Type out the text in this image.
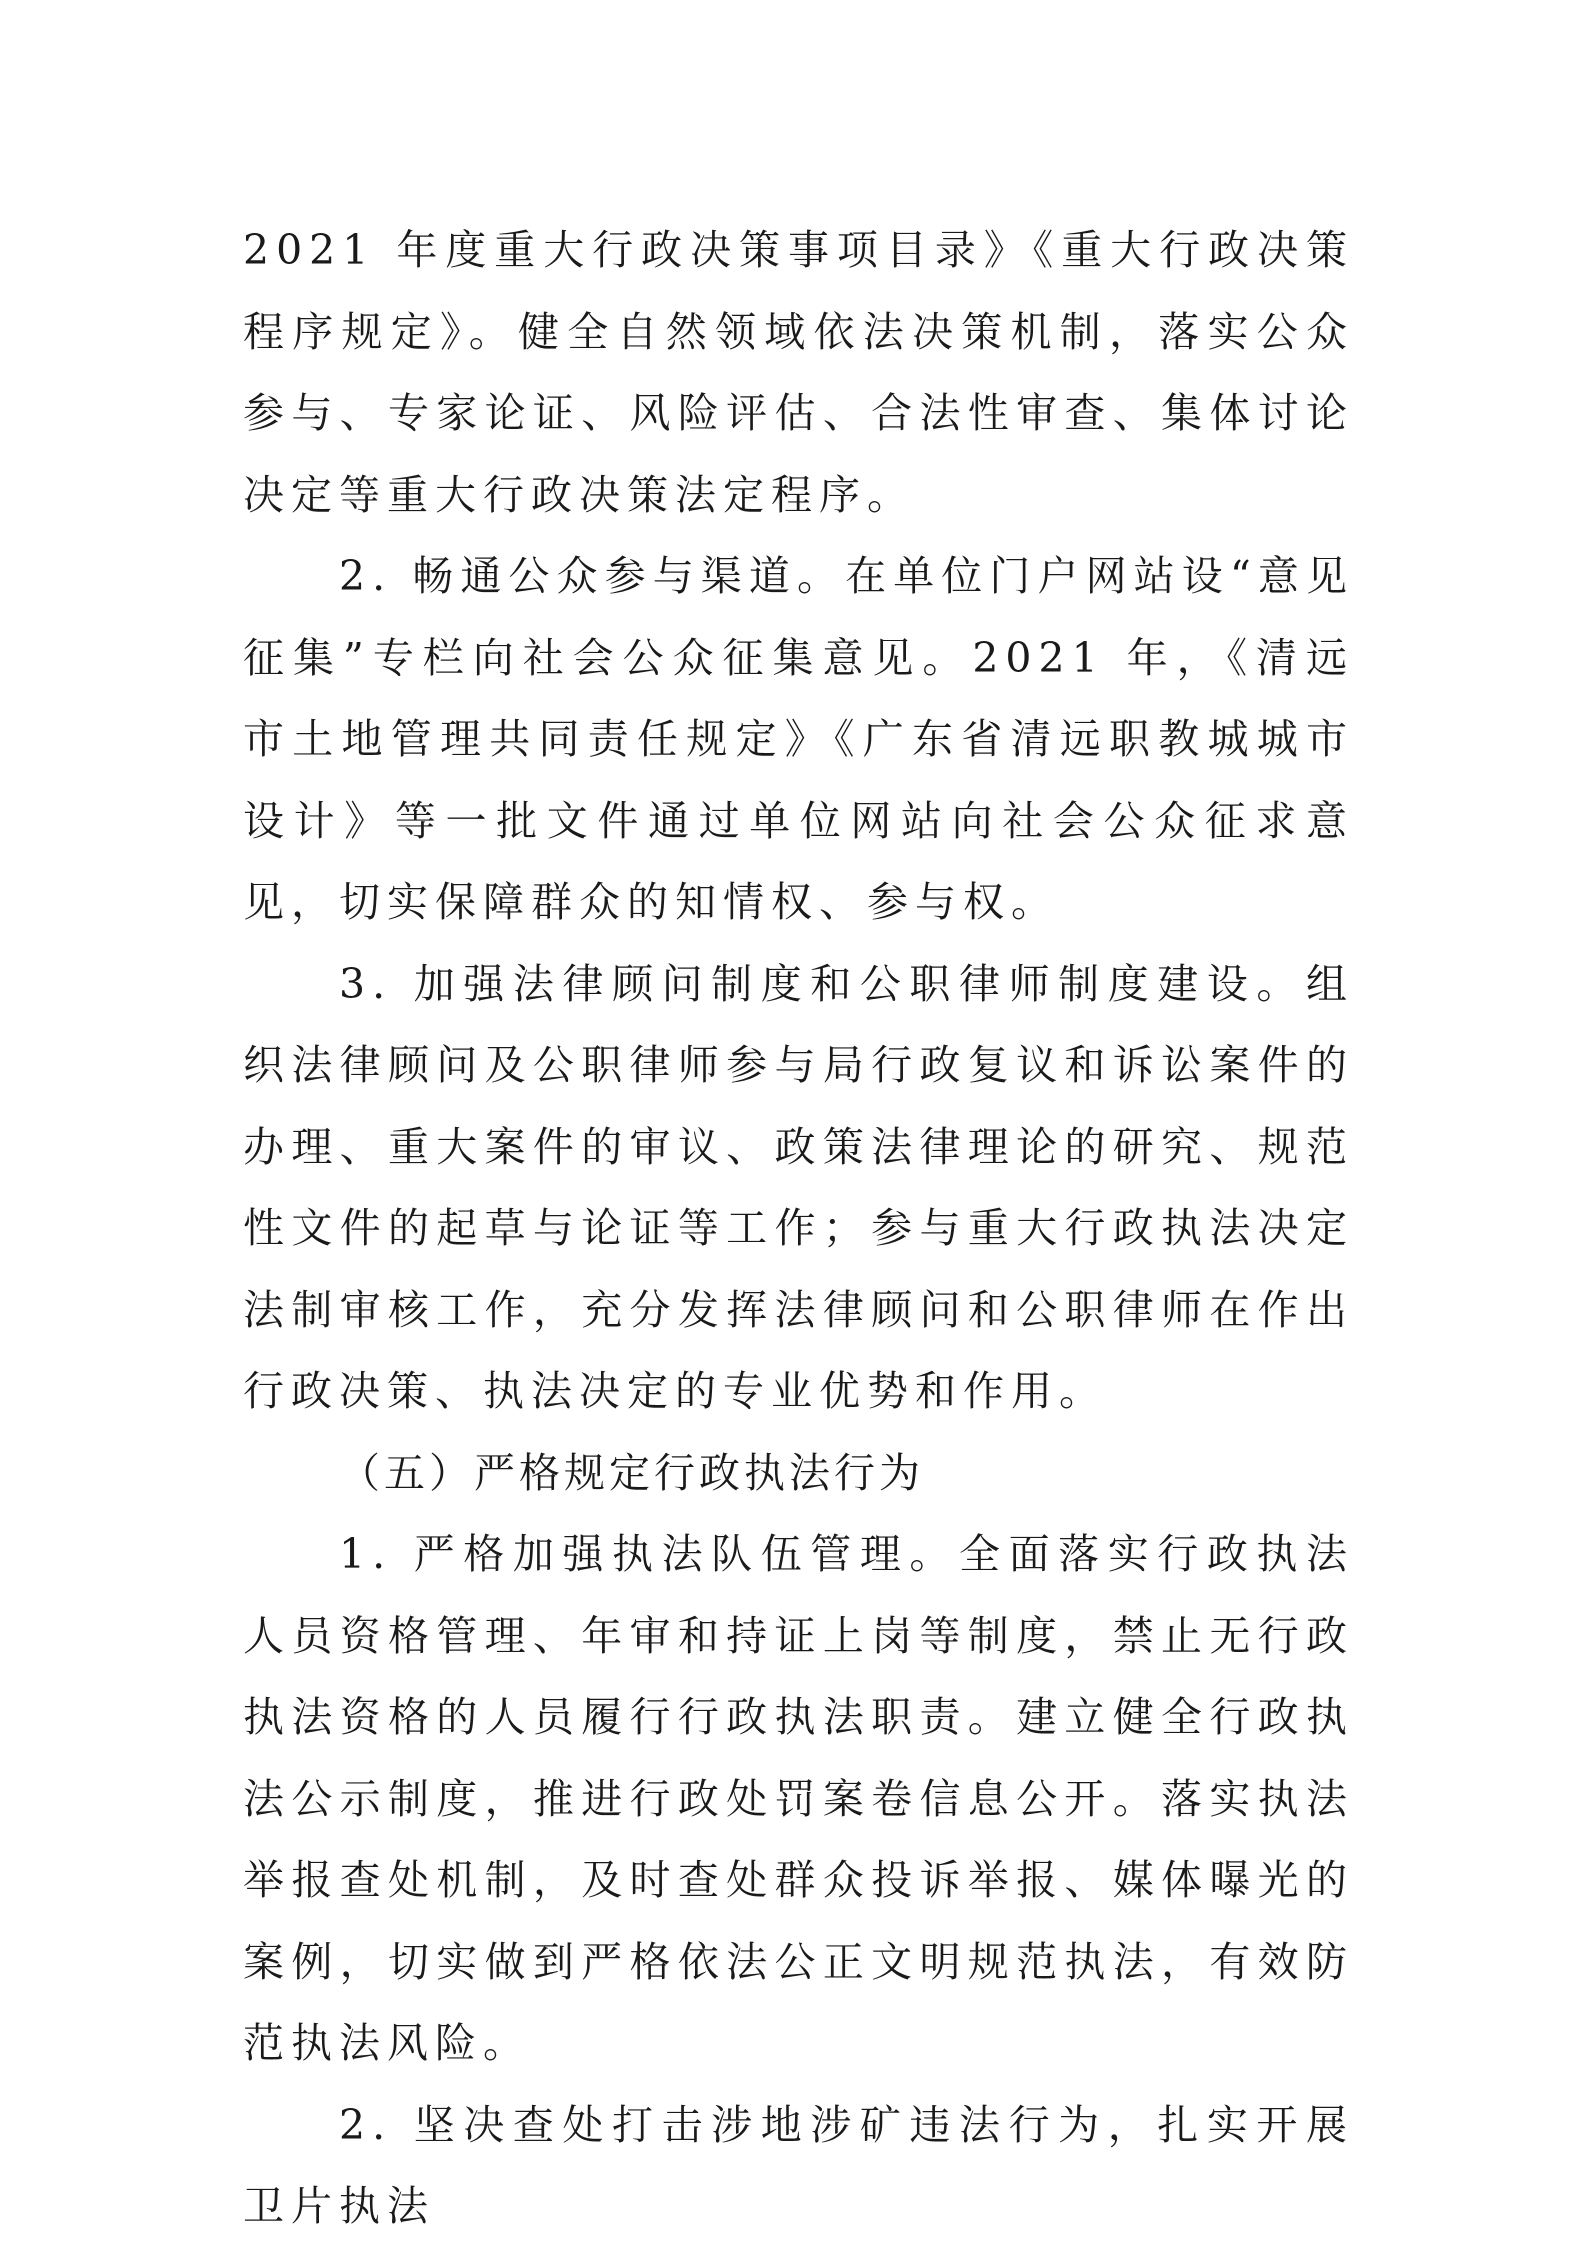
2021 年度重大行政决策事项目录》《重大行政决策程序规定》。健全自然领域依法决策机制，落实公众参与、专家论证、风险评估、合法性审查、集体讨论决定等重大行政决策法定程序。

2. 畅通公众参与渠道。在单位门户网站设“意见征集”专栏向社会公众征集意见。2021 年，《清远市土地管理共同责任规定》《广东省清远职教城城市设计》等一批文件通过单位网站向社会公众征求意见，切实保障群众的知情权、参与权。

3. 加强法律顾问制度和公职律师制度建设。组织法律顾问及公职律师参与局行政复议和诉讼案件的办理、重大案件的审议、政策法律理论的研究、规范性文件的起草与论证等工作；参与重大行政执法决定法制审核工作，充分发挥法律顾问和公职律师在作出行政决策、执法决定的专业优势和作用。

（五）严格规定行政执法行为

1. 严格加强执法队伍管理。全面落实行政执法人员资格管理、年审和持证上岗等制度，禁止无行政执法资格的人员履行行政执法职责。建立健全行政执法公示制度，推进行政处罚案卷信息公开。落实执法举报查处机制，及时查处群众投诉举报、媒体曝光的案例，切实做到严格依法公正文明规范执法，有效防范执法风险。

2. 坚决查处打击涉地涉矿违法行为，扎实开展卫片执法
